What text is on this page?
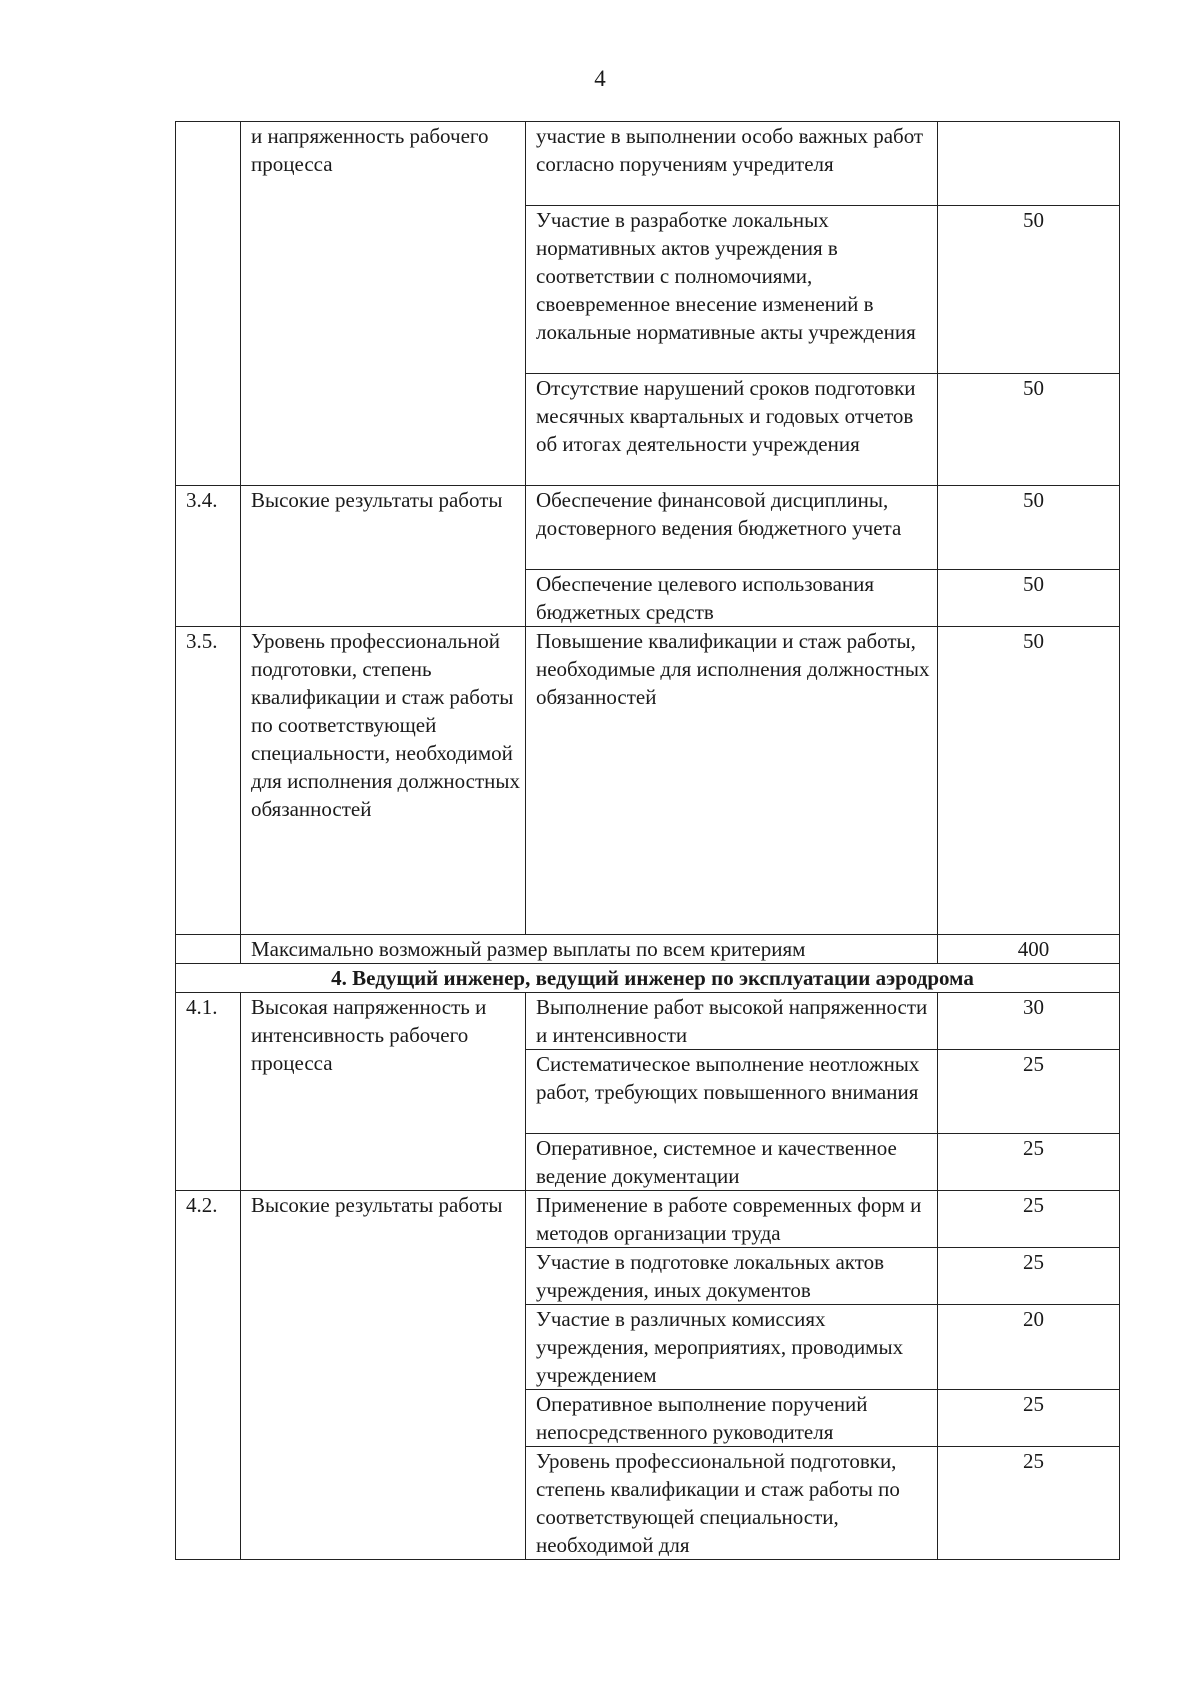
4
	и напряженность рабочего процесса	участие в выполнении особо важных работ согласно поручениям учредителя	
		Участие в разработке локальных нормативных актов учреждения в соответствии с полномочиями, своевременное внесение изменений в локальные нормативные акты учреждения	50
		Отсутствие нарушений сроков подготовки месячных квартальных и годовых отчетов об итогах деятельности учреждения	50
3.4.	Высокие результаты работы	Обеспечение финансовой дисциплины, достоверного ведения бюджетного учета	50
		Обеспечение целевого использования бюджетных средств	50
3.5.	Уровень профессиональной подготовки, степень квалификации и стаж работы по соответствующей специальности, необходимой для исполнения должностных обязанностей	Повышение квалификации и стаж работы, необходимые для исполнения должностных обязанностей	50
	Максимально возможный размер выплаты по всем критериям		400
4. Ведущий инженер, ведущий инженер по эксплуатации аэродрома			
4.1.	Высокая напряженность и интенсивность рабочего процесса	Выполнение работ высокой напряженности и интенсивности	30
		Систематическое выполнение неотложных работ, требующих повышенного внимания	25
		Оперативное, системное и качественное ведение документации	25
4.2.	Высокие результаты работы	Применение в работе современных форм и методов организации труда	25
		Участие в подготовке локальных актов учреждения, иных документов	25
		Участие в различных комиссиях учреждения, мероприятиях, проводимых учреждением	20
		Оперативное выполнение поручений непосредственного руководителя	25
		Уровень профессиональной подготовки, степень квалификации и стаж работы по соответствующей специальности, необходимой для	25
